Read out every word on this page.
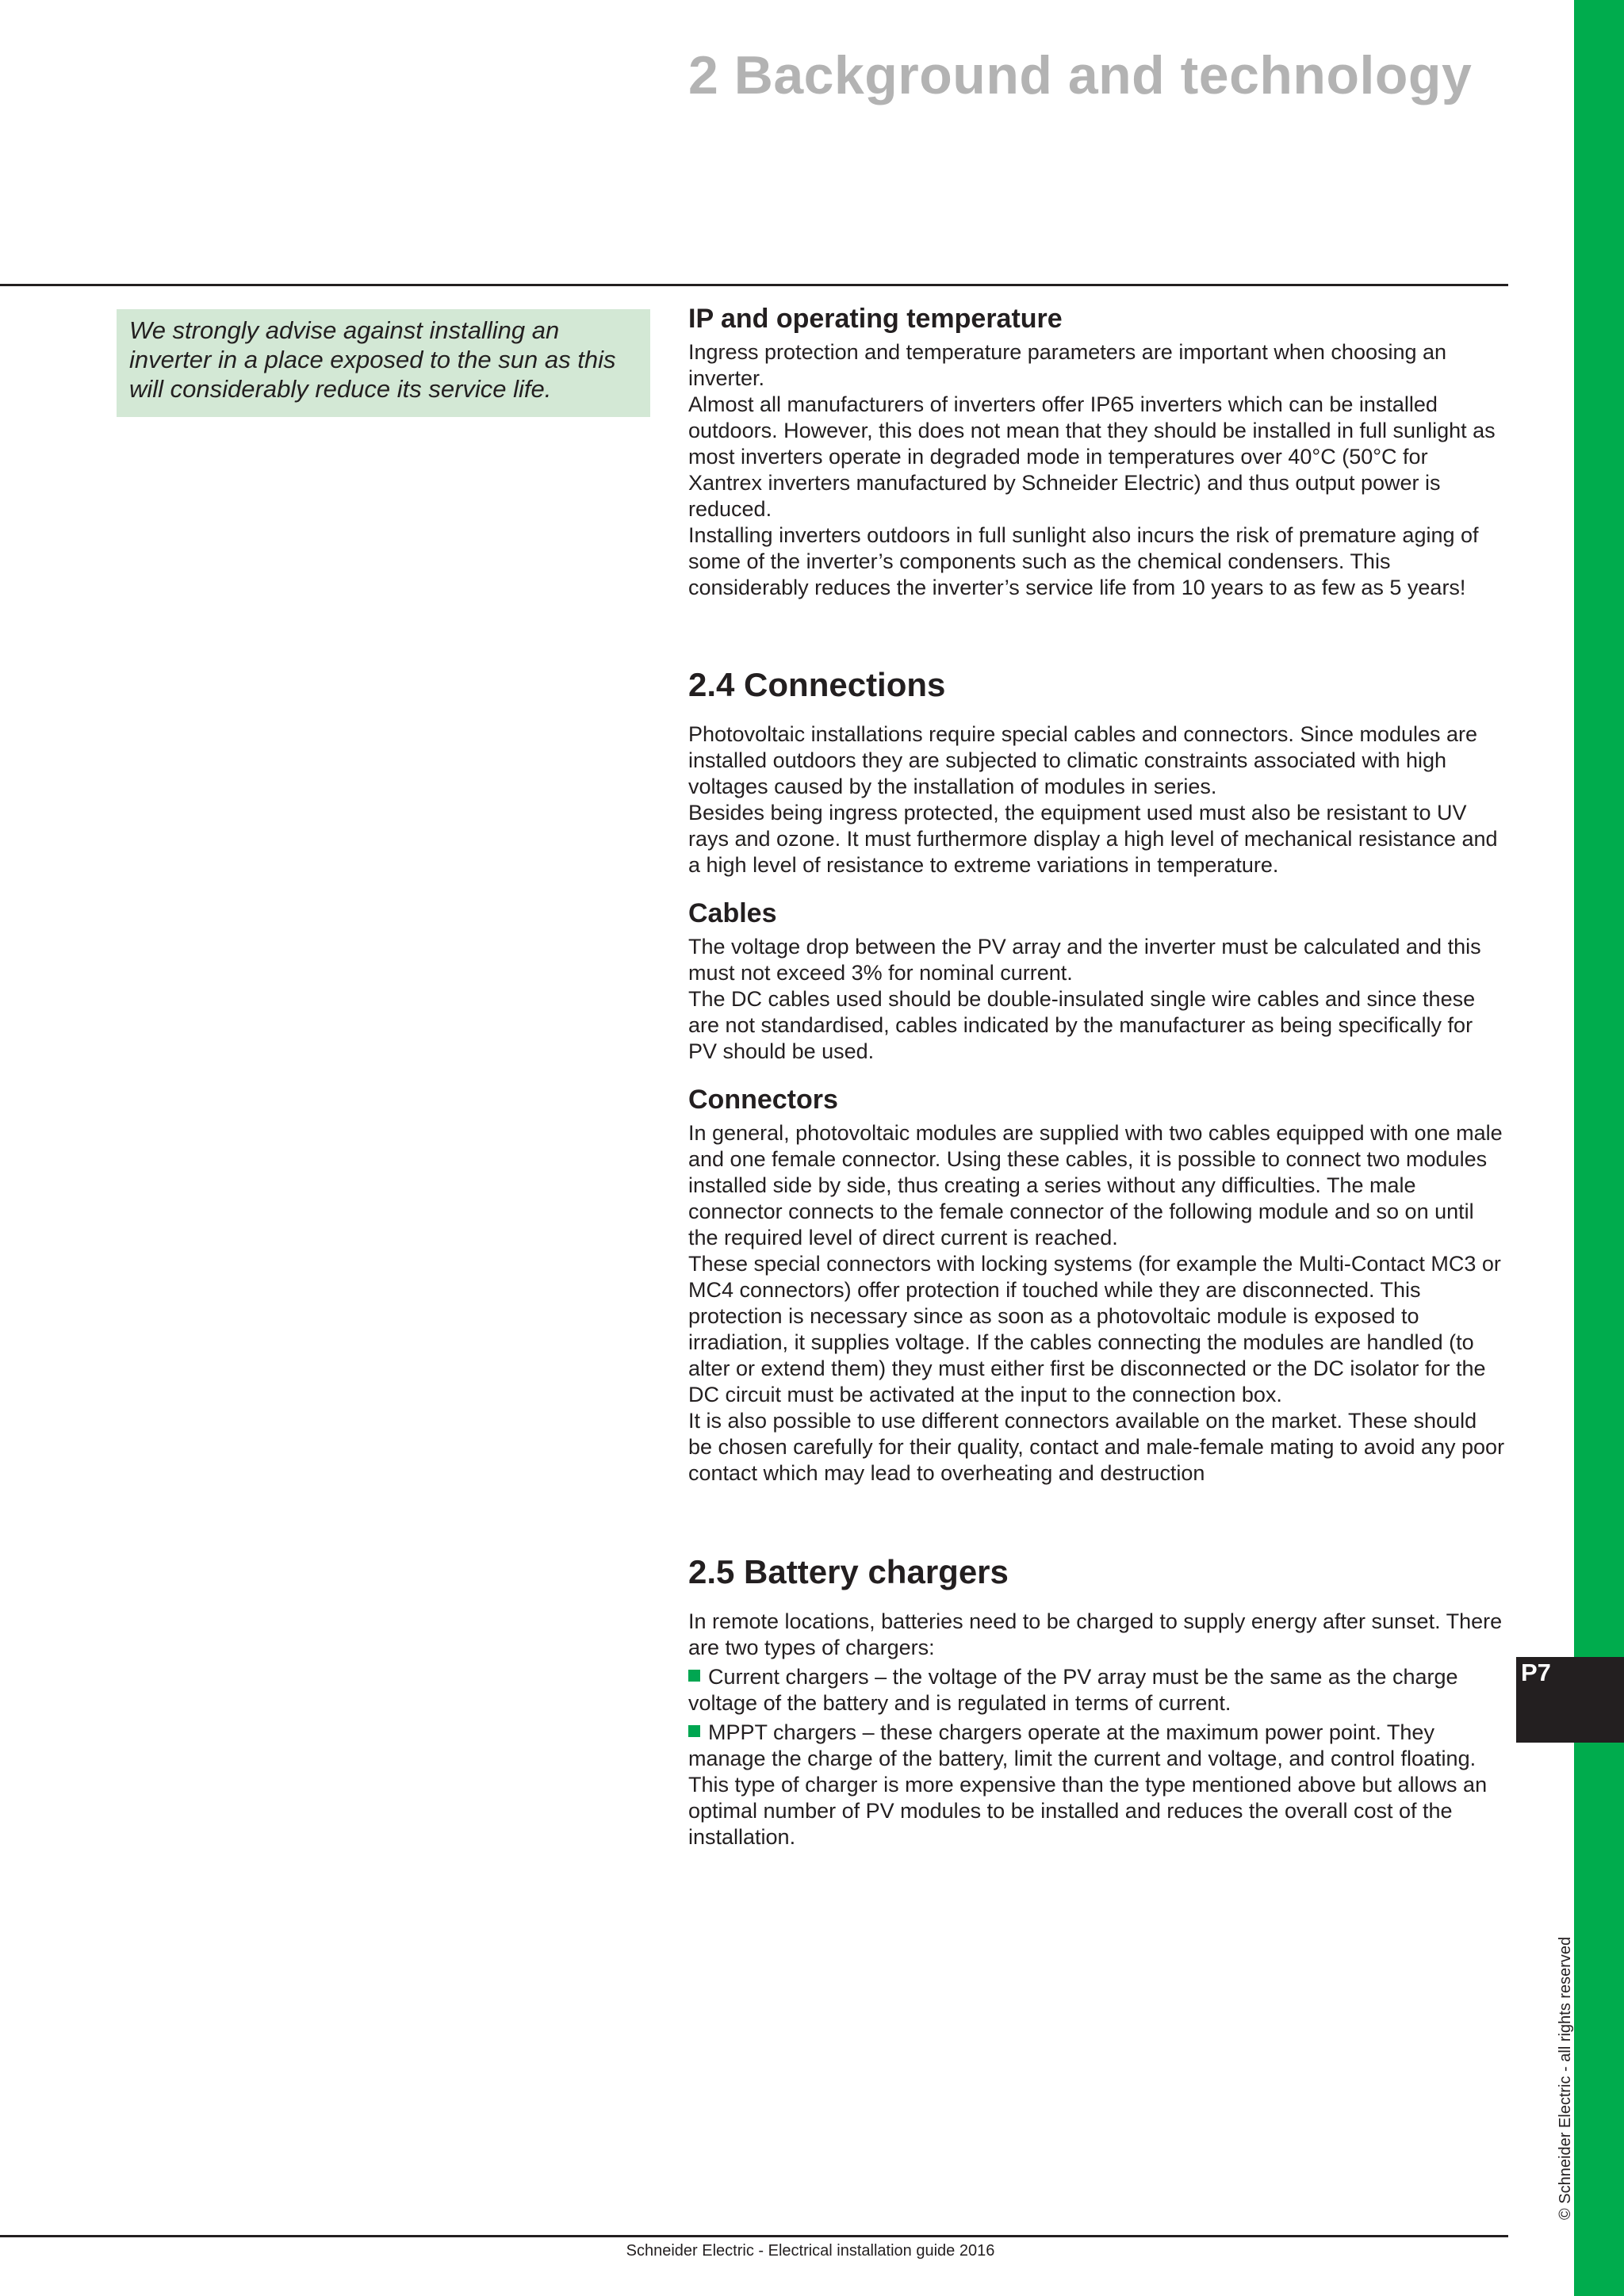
2 Background and technology
We strongly advise against installing an inverter in a place exposed to the sun as this will considerably reduce its service life.
IP and operating temperature

Ingress protection and temperature parameters are important when choosing an inverter.

Almost all manufacturers of inverters offer IP65 inverters which can be installed outdoors. However, this does not mean that they should be installed in full sunlight as most inverters operate in degraded mode in temperatures over 40°C (50°C for Xantrex inverters manufactured by Schneider Electric) and thus output power is reduced.

Installing inverters outdoors in full sunlight also incurs the risk of premature aging of some of the inverter’s components such as the chemical condensers. This considerably reduces the inverter’s service life from 10 years to as few as 5 years!

2.4 Connections

Photovoltaic installations require special cables and connectors. Since modules are installed outdoors they are subjected to climatic constraints associated with high voltages caused by the installation of modules in series.

Besides being ingress protected, the equipment used must also be resistant to UV rays and ozone. It must furthermore display a high level of mechanical resistance and a high level of resistance to extreme variations in temperature.

Cables

The voltage drop between the PV array and the inverter must be calculated and this must not exceed 3% for nominal current.

The DC cables used should be double-insulated single wire cables and since these are not standardised, cables indicated by the manufacturer as being specifically for PV should be used.

Connectors

In general, photovoltaic modules are supplied with two cables equipped with one male and one female connector. Using these cables, it is possible to connect two modules installed side by side, thus creating a series without any difficulties. The male connector connects to the female connector of the following module and so on until the required level of direct current is reached.

These special connectors with locking systems (for example the Multi-Contact MC3 or MC4 connectors) offer protection if touched while they are disconnected. This protection is necessary since as soon as a photovoltaic module is exposed to irradiation, it supplies voltage. If the cables connecting the modules are handled (to alter or extend them) they must either first be disconnected or the DC isolator for the DC circuit must be activated at the input to the connection box.

It is also possible to use different connectors available on the market. These should be chosen carefully for their quality, contact and male-female mating to avoid any poor contact which may lead to overheating and destruction

2.5 Battery chargers

In remote locations, batteries need to be charged to supply energy after sunset. There are two types of chargers:

Current chargers – the voltage of the PV array must be the same as the charge voltage of the battery and is regulated in terms of current.

MPPT chargers – these chargers operate at the maximum power point. They manage the charge of the battery, limit the current and voltage, and control floating. This type of charger is more expensive than the type mentioned above but allows an optimal number of PV modules to be installed and reduces the overall cost of the installation.

P7
© Schneider Electric - all rights reserved
Schneider Electric - Electrical installation guide 2016
